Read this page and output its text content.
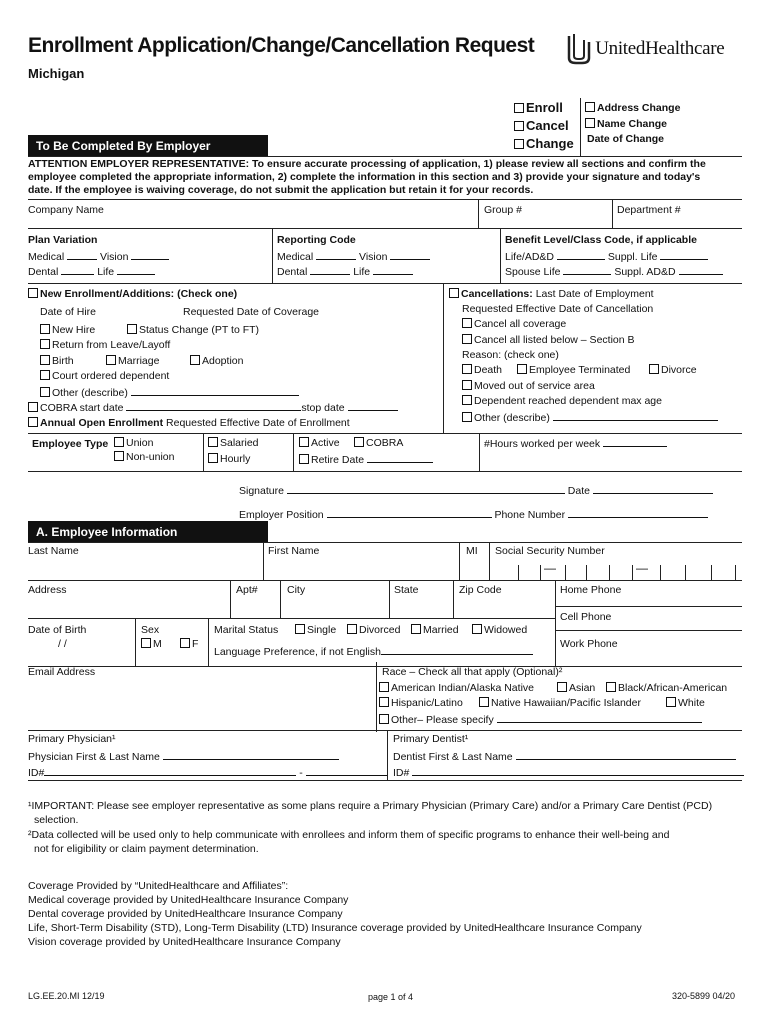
Enrollment Application/Change/Cancellation Request
Michigan
UnitedHealthcare
Enroll
Cancel
Change
Address Change
Name Change
Date of Change
To Be Completed By Employer
ATTENTION EMPLOYER REPRESENTATIVE: To ensure accurate processing of application, 1) please review all sections and confirm the
employee completed the appropriate information, 2) complete the information in this section and 3) provide your signature and today's
date. If the employee is waiving coverage, do not submit the application but retain it for your records.
Company Name	Group #	Department #
Plan Variation
Medical	Vision
Dental	Life
Reporting Code
Medical	Vision
Dental	Life
Benefit Level/Class Code, if applicable
Life/AD&D	Suppl. Life
Spouse Life	Suppl. AD&D
New Enrollment/Additions: (Check one)
Date of Hire	Requested Date of Coverage
New Hire	Status Change (PT to FT)
Return from Leave/Layoff
Birth	Marriage	Adoption
Court ordered dependent
Other (describe)
COBRA start date	stop date
Annual Open Enrollment Requested Effective Date of Enrollment
Cancellations: Last Date of Employment
Requested Effective Date of Cancellation
Cancel all coverage
Cancel all listed below – Section B
Reason: (check one)
Death	Employee Terminated	Divorce
Moved out of service area
Dependent reached dependent max age
Other (describe)
Employee Type	Union
Non-union
Salaried
Hourly
Active	COBRA
Retire Date
#Hours worked per week
Signature	Date
Employer Position	Phone Number
A. Employee Information
Last Name	First Name	MI Social Security Number
—	—
Address	Apt#	City	State	Zip Code	Home Phone
Cell Phone
Work Phone
Date of Birth
/ /
Sex
M	F
Marital Status	Single	Divorced	Married	Widowed
Language Preference, if not English
Email Address	Race – Check all that apply (Optional)²
American Indian/Alaska Native	Asian	Black/African-American
Hispanic/Latino	Native Hawaiian/Pacific Islander	White
Other– Please specify
Primary Physician¹
Physician First & Last Name
ID#	-
Primary Dentist¹
Dentist First & Last Name
ID#
¹IMPORTANT: Please see employer representative as some plans require a Primary Physician (Primary Care) and/or a Primary Care Dentist (PCD)
selection.
²Data collected will be used only to help communicate with enrollees and inform them of specific programs to enhance their well-being and
not for eligibility or claim payment determination.
Coverage Provided by “UnitedHealthcare and Affiliates”:
Medical coverage provided by UnitedHealthcare Insurance Company
Dental coverage provided by UnitedHealthcare Insurance Company
Life, Short-Term Disability (STD), Long-Term Disability (LTD) Insurance coverage provided by UnitedHealthcare Insurance Company
Vision coverage provided by UnitedHealthcare Insurance Company
LG.EE.20.MI 12/19	page 1 of 4	320-5899 04/20
